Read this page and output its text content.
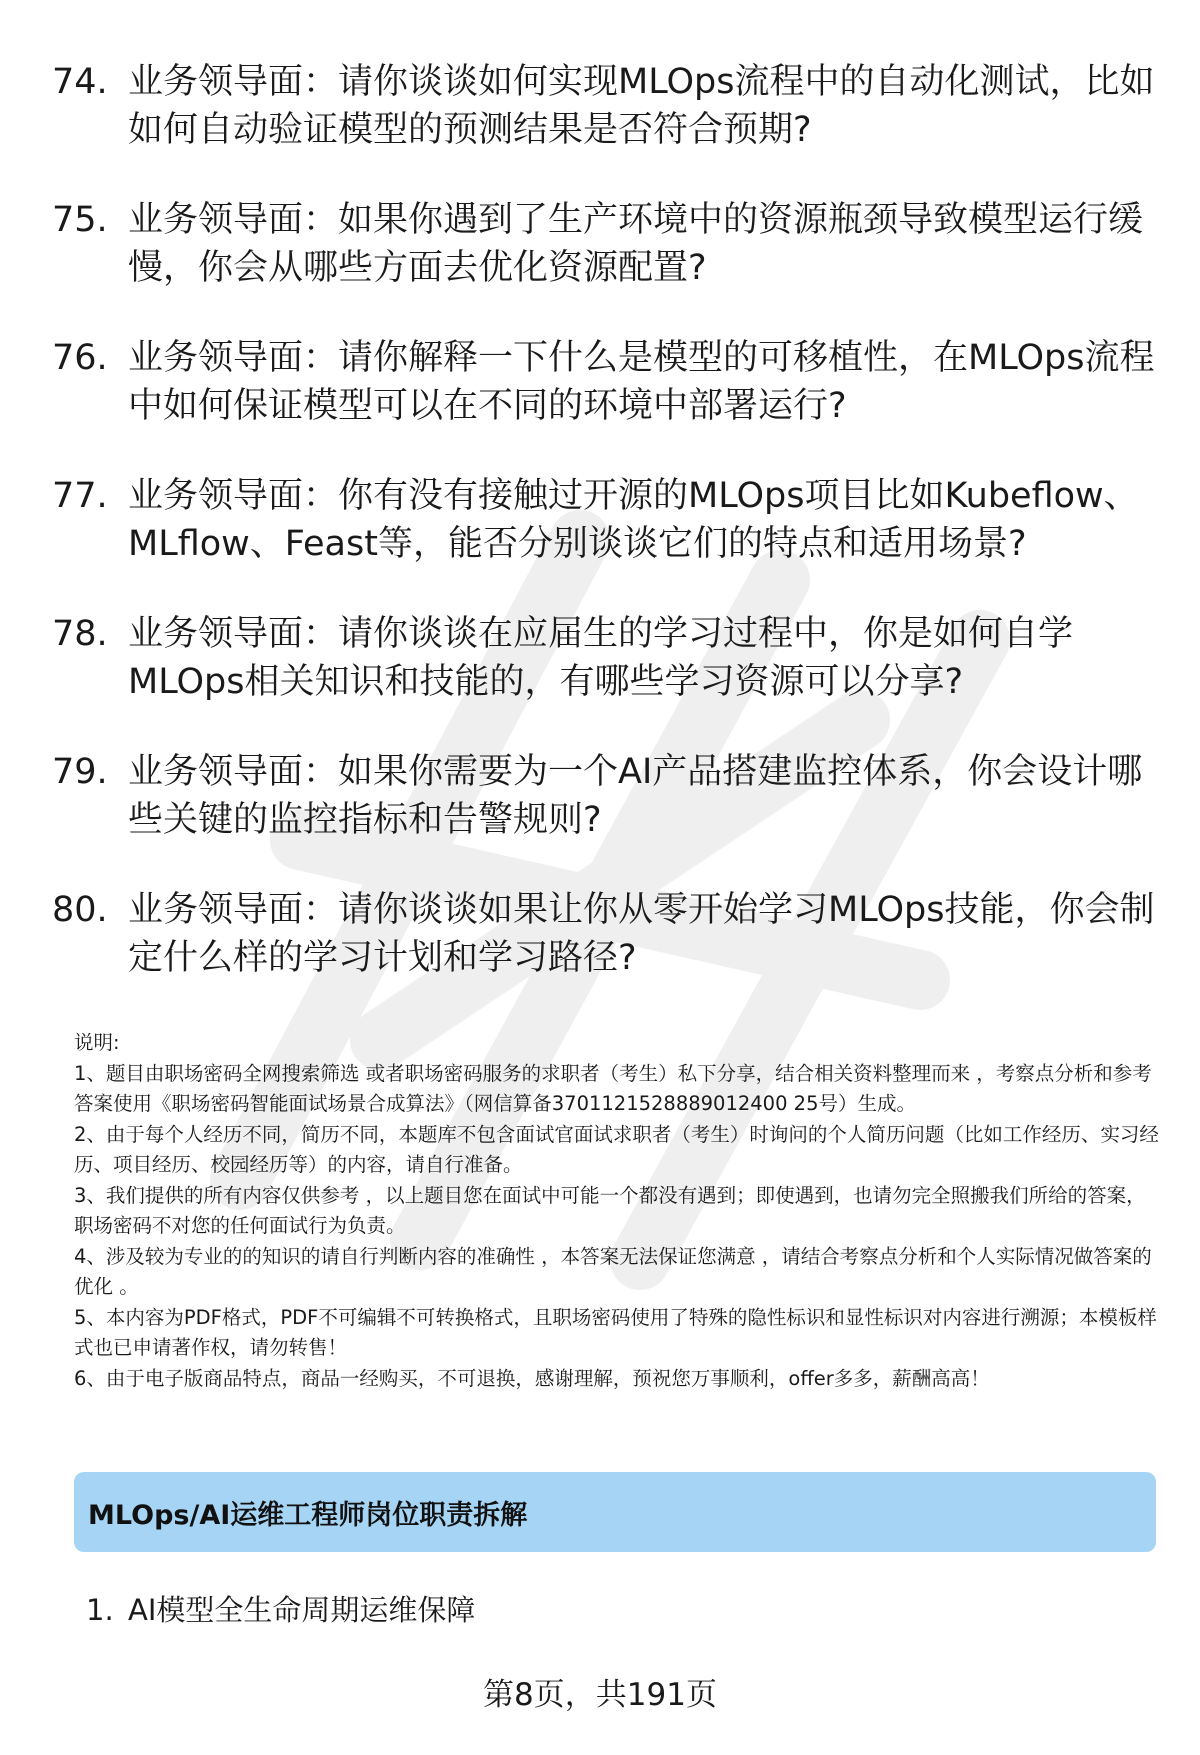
74. 业务领导面：请你谈谈如何实现MLOps流程中的自动化测试，比如如何自动验证模型的预测结果是否符合预期?
75. 业务领导面：如果你遇到了生产环境中的资源瓶颈导致模型运行缓慢，你会从哪些方面去优化资源配置?
76. 业务领导面：请你解释一下什么是模型的可移植性，在MLOps流程中如何保证模型可以在不同的环境中部署运行?
77. 业务领导面：你有没有接触过开源的MLOps项目比如Kubeflow、MLflow、Feast等，能否分别谈谈它们的特点和适用场景?
78. 业务领导面：请你谈谈在应届生的学习过程中，你是如何自学MLOps相关知识和技能的，有哪些学习资源可以分享?
79. 业务领导面：如果你需要为一个AI产品搭建监控体系，你会设计哪些关键的监控指标和告警规则?
80. 业务领导面：请你谈谈如果让你从零开始学习MLOps技能，你会制定什么样的学习计划和学习路径?
说明:
1、题目由职场密码全网搜索筛选 或者职场密码服务的求职者（考生）私下分享，结合相关资料整理而来 ，考察点分析和参考答案使用《职场密码智能面试场景合成算法》（网信算备3701121528889012400 25号）生成。
2、由于每个人经历不同，简历不同，本题库不包含面试官面试求职者（考生）时询问的个人简历问题（比如工作经历、实习经历、项目经历、校园经历等）的内容，请自行准备。
3、我们提供的所有内容仅供参考 ，以上题目您在面试中可能一个都没有遇到；即使遇到，也请勿完全照搬我们所给的答案，职场密码不对您的任何面试行为负责。
4、涉及较为专业的的知识的请自行判断内容的准确性 ，本答案无法保证您满意 ，请结合考察点分析和个人实际情况做答案的优化 。
5、本内容为PDF格式，PDF不可编辑不可转换格式，且职场密码使用了特殊的隐性标识和显性标识对内容进行溯源；本模板样式也已申请著作权，请勿转售！
6、由于电子版商品特点，商品一经购买，不可退换，感谢理解，预祝您万事顺利，offer多多，薪酬高高！
MLOps/AI运维工程师岗位职责拆解
1. AI模型全生命周期运维保障
第8页，共191页
